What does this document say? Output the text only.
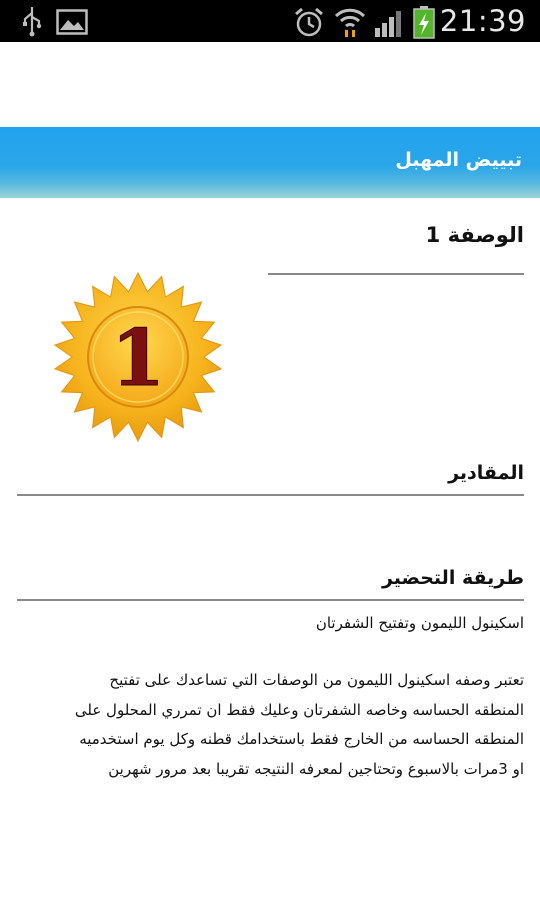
21:39
تبييض المهبل
الوصفة 1
1
المقادير
طريقة التحضير
اسكينول الليمون وتفتيح الشفرتان
تعتبر وصفه اسكينول الليمون من الوصفات التي تساعدك على تفتيح
المنطقه الحساسه وخاصه الشفرتان وعليك فقط ان تمرري المحلول على
المنطقه الحساسه من الخارج فقط باستخدامك قطنه وكل يوم استخدميه
او 3مرات بالاسبوع وتحتاجين لمعرفه النتيجه تقريبا بعد مرور شهرين
